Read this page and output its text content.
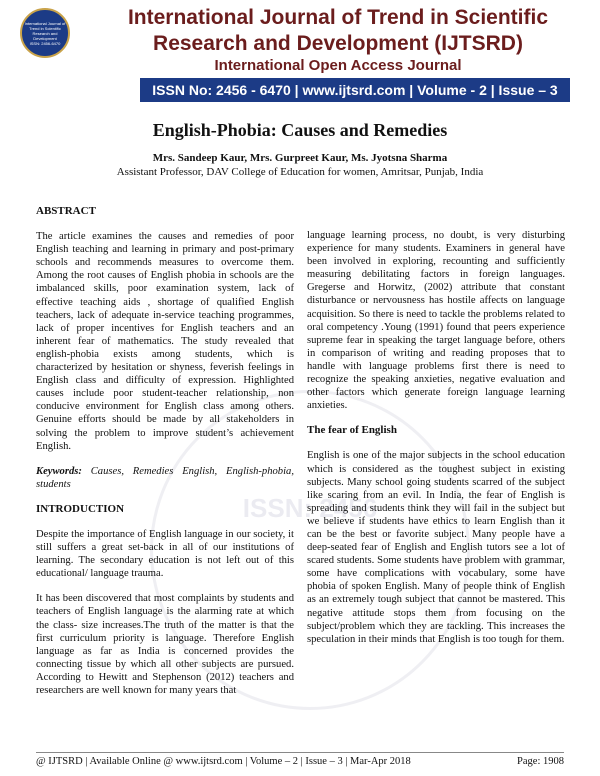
International Journal of Trend in Scientific Research and Development
ISSN: 2456-6470
International Journal of Trend in Scientific
Research and Development (IJTSRD)
International Open Access Journal
ISSN No: 2456 - 6470 | www.ijtsrd.com | Volume - 2 | Issue – 3
English-Phobia: Causes and Remedies
Mrs. Sandeep Kaur, Mrs. Gurpreet Kaur, Ms. Jyotsna Sharma
Assistant Professor, DAV College of Education for women, Amritsar, Punjab, India
ISSN: 2456
ABSTRACT

The article examines the causes and remedies of poor English teaching and learning in primary and post-primary schools and recommends measures to overcome them. Among the root causes of English phobia in schools are the imbalanced skills, poor examination system, lack of effective teaching aids , shortage of qualified English teachers, lack of adequate in-service teaching programmes, lack of proper incentives for English teachers and an inherent fear of mathematics. The study revealed that english-phobia exists among students, which is characterized by hesitation or shyness, feverish feelings in English class and difficulty of expression. Highlighted causes include poor student-teacher relationship, non conducive environment for English class among others. Genuine efforts should be made by all stakeholders in solving the problem to improve student’s achievement English.

Keywords: Causes, Remedies English, English-phobia, students

INTRODUCTION

Despite the importance of English language in our society, it still suffers a great set-back in all of our institutions of learning. The secondary education is not left out of this educational/ language trauma.

It has been discovered that most complaints by students and teachers of English language is the alarming rate at which the class- size increases.The truth of the matter is that the first curriculum priority is language. Therefore English language as far as India is concerned provides the connecting tissue by which all other subjects are pursued. According to Hewitt and Stephenson (2012) teachers and researchers are well known for many years that

language learning process, no doubt, is very disturbing experience for many students. Examiners in general have been involved in exploring, recounting and sufficiently measuring debilitating factors in foreign languages. Gregerse and Horwitz, (2002) attribute that constant disturbance or nervousness has hostile affects on language acquisition. So there is need to tackle the problems related to oral competency .Young (1991) found that peers experience supreme fear in speaking the target language before, others in comparison of writing and reading proposes that to handle with language problems first there is need to recognize the speaking anxieties, negative evaluation and other factors which generate foreign language learning anxieties.

The fear of English

English is one of the major subjects in the school education which is considered as the toughest subject in existing subjects. Many school going students scarred of the subject like scaring from an evil. In India, the fear of English is spreading and students think they will fail in the subject but we believe if students have ethics to learn English than it can be the best or favorite subject. Many people have a deep-seated fear of English and English tutors see a lot of scared students. Some students have problem with grammar, some have complications with vocabulary, some have phobia of spoken English. Many of people think of English as an extremely tough subject that cannot be mastered. This negative attitude stops them from focusing on the subject/problem which they are tackling. This increases the speculation in their minds that English is too tough for them.

@ IJTSRD | Available Online @ www.ijtsrd.com | Volume – 2 | Issue – 3 | Mar-Apr 2018	Page: 1908
